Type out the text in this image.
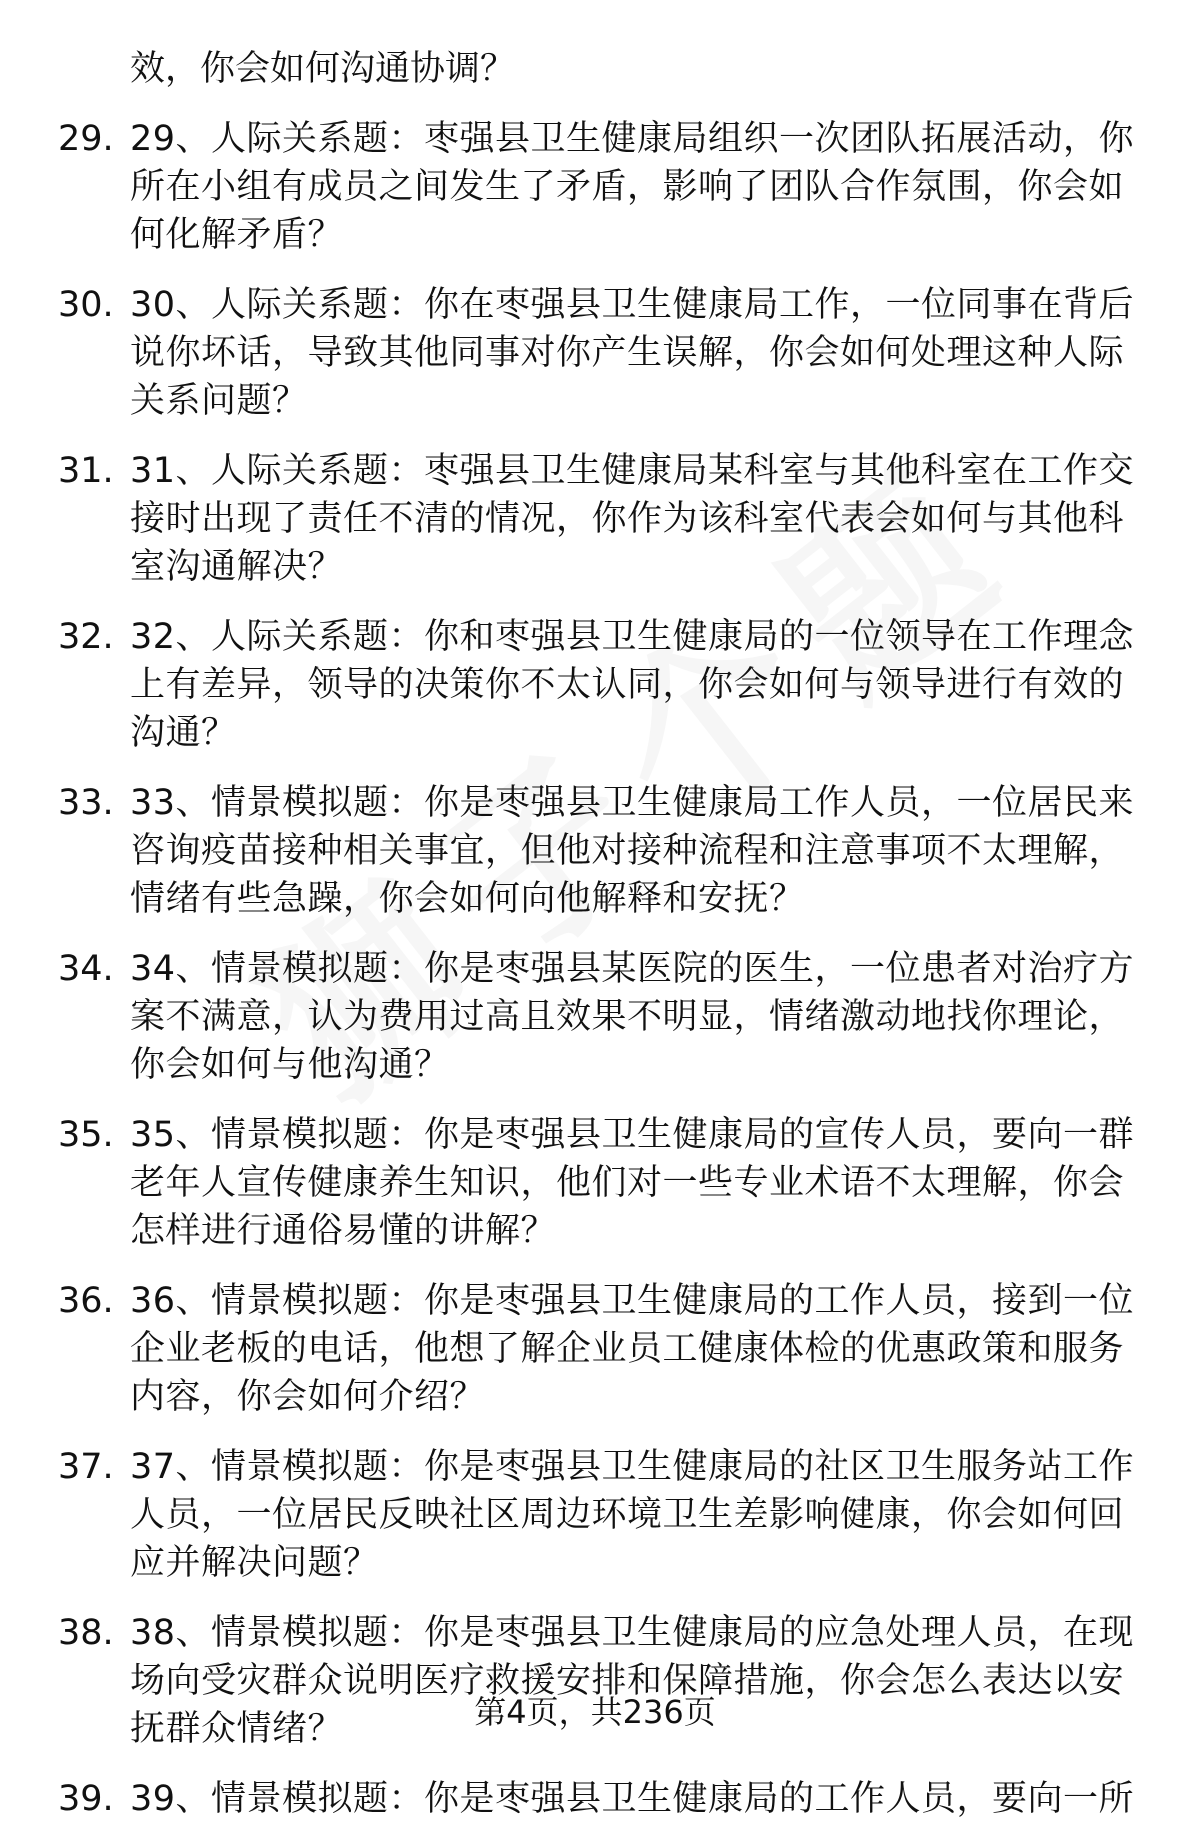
效，你会如何沟通协调？
29. 29、人际关系题：枣强县卫生健康局组织一次团队拓展活动，你所在小组有成员之间发生了矛盾，影响了团队合作氛围，你会如何化解矛盾？
30. 30、人际关系题：你在枣强县卫生健康局工作，一位同事在背后说你坏话，导致其他同事对你产生误解，你会如何处理这种人际关系问题？
31. 31、人际关系题：枣强县卫生健康局某科室与其他科室在工作交接时出现了责任不清的情况，你作为该科室代表会如何与其他科室沟通解决？
32. 32、人际关系题：你和枣强县卫生健康局的一位领导在工作理念上有差异，领导的决策你不太认同，你会如何与领导进行有效的沟通？
33. 33、情景模拟题：你是枣强县卫生健康局工作人员，一位居民来咨询疫苗接种相关事宜，但他对接种流程和注意事项不太理解，情绪有些急躁，你会如何向他解释和安抚？
34. 34、情景模拟题：你是枣强县某医院的医生，一位患者对治疗方案不满意，认为费用过高且效果不明显，情绪激动地找你理论，你会如何与他沟通？
35. 35、情景模拟题：你是枣强县卫生健康局的宣传人员，要向一群老年人宣传健康养生知识，他们对一些专业术语不太理解，你会怎样进行通俗易懂的讲解？
36. 36、情景模拟题：你是枣强县卫生健康局的工作人员，接到一位企业老板的电话，他想了解企业员工健康体检的优惠政策和服务内容，你会如何介绍？
37. 37、情景模拟题：你是枣强县卫生健康局的社区卫生服务站工作人员，一位居民反映社区周边环境卫生差影响健康，你会如何回应并解决问题？
38. 38、情景模拟题：你是枣强县卫生健康局的应急处理人员，在现场向受灾群众说明医疗救援安排和保障措施，你会怎么表达以安抚群众情绪？
39. 39、情景模拟题：你是枣强县卫生健康局的工作人员，要向一所
第4页，共236页
